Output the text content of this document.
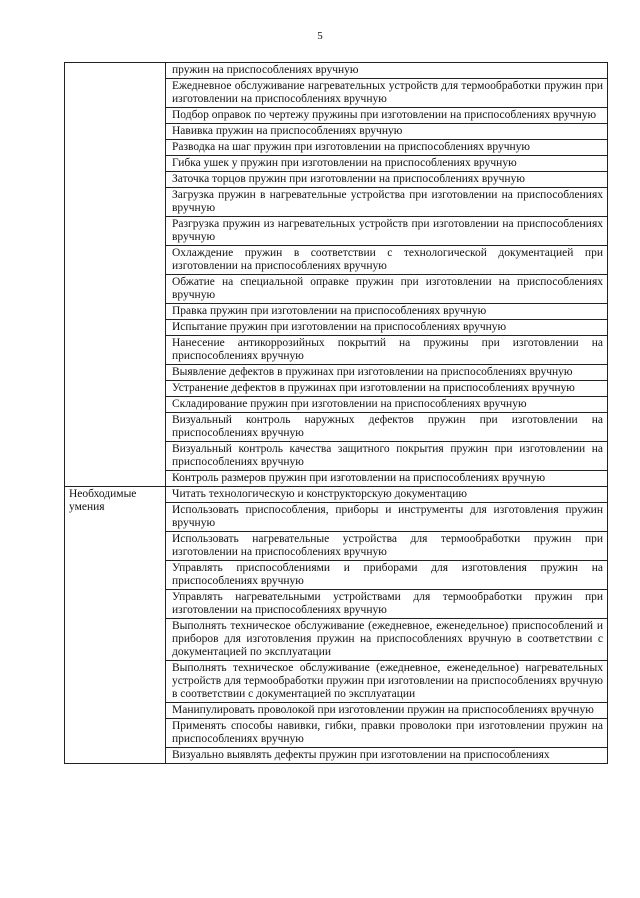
5
	пружин на приспособлениях вручную
	Ежедневное обслуживание нагревательных устройств для термообработки пружин при изготовлении на приспособлениях вручную
	Подбор оправок по чертежу пружины при изготовлении на приспособлениях вручную
	Навивка пружин на приспособлениях вручную
	Разводка на шаг пружин при изготовлении на приспособлениях вручную
	Гибка ушек у пружин при изготовлении на приспособлениях вручную
	Заточка торцов пружин при изготовлении на приспособлениях вручную
	Загрузка пружин в нагревательные устройства при изготовлении на приспособлениях вручную
	Разгрузка пружин из нагревательных устройств при изготовлении на приспособлениях вручную
	Охлаждение пружин в соответствии с технологической документацией при изготовлении на приспособлениях вручную
	Обжатие на специальной оправке пружин при изготовлении на приспособлениях вручную
	Правка пружин при изготовлении на приспособлениях вручную
	Испытание пружин при изготовлении на приспособлениях вручную
	Нанесение антикоррозийных покрытий на пружины при изготовлении на приспособлениях вручную
	Выявление дефектов в пружинах при изготовлении на приспособлениях вручную
	Устранение дефектов в пружинах при изготовлении на приспособлениях вручную
	Складирование пружин при изготовлении на приспособлениях вручную
	Визуальный контроль наружных дефектов пружин при изготовлении на приспособлениях вручную
	Визуальный контроль качества защитного покрытия пружин при изготовлении на приспособлениях вручную
	Контроль размеров пружин при изготовлении на приспособлениях вручную
Необходимые умения	Читать технологическую и конструкторскую документацию
	Использовать приспособления, приборы и инструменты для изготовления пружин вручную
	Использовать нагревательные устройства для термообработки пружин при изготовлении на приспособлениях вручную
	Управлять приспособлениями и приборами для изготовления пружин на приспособлениях вручную
	Управлять нагревательными устройствами для термообработки пружин при изготовлении на приспособлениях вручную
	Выполнять техническое обслуживание (ежедневное, еженедельное) приспособлений и приборов для изготовления пружин на приспособлениях вручную в соответствии с документацией по эксплуатации
	Выполнять техническое обслуживание (ежедневное, еженедельное) нагревательных устройств для термообработки пружин при изготовлении на приспособлениях вручную в соответствии с документацией по эксплуатации
	Манипулировать проволокой при изготовлении пружин на приспособлениях вручную
	Применять способы навивки, гибки, правки проволоки при изготовлении пружин на приспособлениях вручную
	Визуально выявлять дефекты пружин при изготовлении на приспособлениях
